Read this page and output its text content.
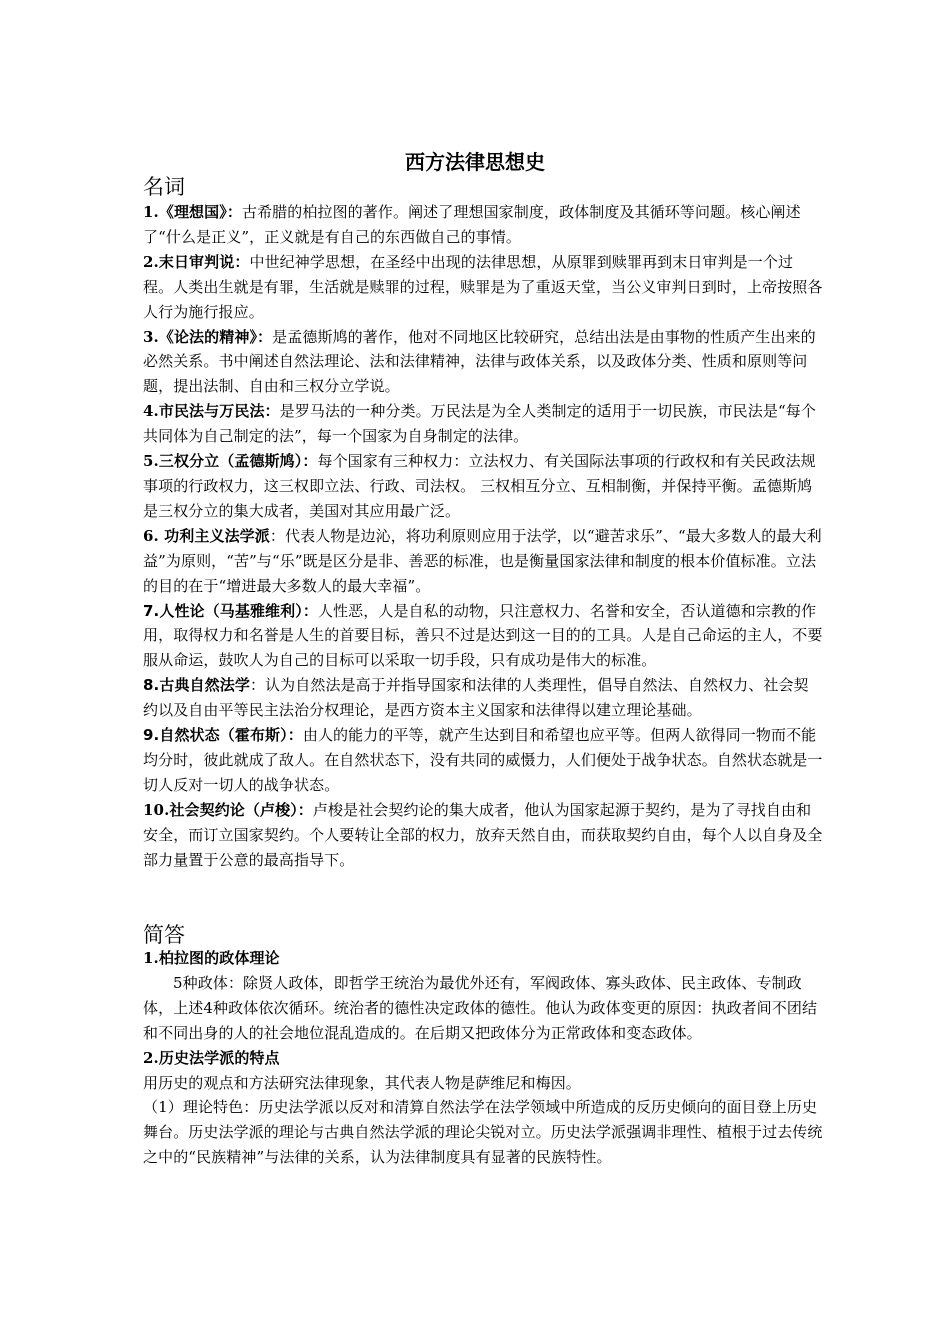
西方法律思想史
名词

1.《理想国》：古希腊的柏拉图的著作。阐述了理想国家制度，政体制度及其循环等问题。核心阐述了“什么是正义”，正义就是有自己的东西做自己的事情。

2.末日审判说：中世纪神学思想，在圣经中出现的法律思想，从原罪到赎罪再到末日审判是一个过程。人类出生就是有罪，生活就是赎罪的过程，赎罪是为了重返天堂，当公义审判日到时，上帝按照各人行为施行报应。

3.《论法的精神》：是孟德斯鸠的著作，他对不同地区比较研究，总结出法是由事物的性质产生出来的必然关系。书中阐述自然法理论、法和法律精神，法律与政体关系，以及政体分类、性质和原则等问题，提出法制、自由和三权分立学说。

4.市民法与万民法：是罗马法的一种分类。万民法是为全人类制定的适用于一切民族，市民法是“每个共同体为自己制定的法”，每一个国家为自身制定的法律。

5.三权分立（孟德斯鸠）：每个国家有三种权力：立法权力、有关国际法事项的行政权和有关民政法规事项的行政权力，这三权即立法、行政、司法权。 三权相互分立、互相制衡，并保持平衡。孟德斯鸠是三权分立的集大成者，美国对其应用最广泛。

6. 功利主义法学派：代表人物是边沁，将功利原则应用于法学，以“避苦求乐”、“最大多数人的最大利益”为原则，“苦”与“乐”既是区分是非、善恶的标准，也是衡量国家法律和制度的根本价值标准。立法的目的在于“增进最大多数人的最大幸福”。

7.人性论（马基雅维利）：人性恶，人是自私的动物，只注意权力、名誉和安全，否认道德和宗教的作用，取得权力和名誉是人生的首要目标，善只不过是达到这一目的的工具。人是自己命运的主人，不要服从命运，鼓吹人为自己的目标可以采取一切手段，只有成功是伟大的标准。

8.古典自然法学：认为自然法是高于并指导国家和法律的人类理性，倡导自然法、自然权力、社会契约以及自由平等民主法治分权理论，是西方资本主义国家和法律得以建立理论基础。

9.自然状态（霍布斯）：由人的能力的平等，就产生达到目和希望也应平等。但两人欲得同一物而不能均分时，彼此就成了敌人。在自然状态下，没有共同的威慑力，人们便处于战争状态。自然状态就是一切人反对一切人的战争状态。

10.社会契约论（卢梭）：卢梭是社会契约论的集大成者，他认为国家起源于契约，是为了寻找自由和安全，而订立国家契约。个人要转让全部的权力，放弃天然自由，而获取契约自由，每个人以自身及全部力量置于公意的最高指导下。

简答

1.柏拉图的政体理论

5种政体：除贤人政体，即哲学王统治为最优外还有，军阀政体、寡头政体、民主政体、专制政体，上述4种政体依次循环。统治者的德性决定政体的德性。他认为政体变更的原因：执政者间不团结和不同出身的人的社会地位混乱造成的。在后期又把政体分为正常政体和变态政体。

2.历史法学派的特点

用历史的观点和方法研究法律现象，其代表人物是萨维尼和梅因。

（1）理论特色：历史法学派以反对和清算自然法学在法学领域中所造成的反历史倾向的面目登上历史舞台。历史法学派的理论与古典自然法学派的理论尖锐对立。历史法学派强调非理性、植根于过去传统之中的“民族精神”与法律的关系，认为法律制度具有显著的民族特性。
